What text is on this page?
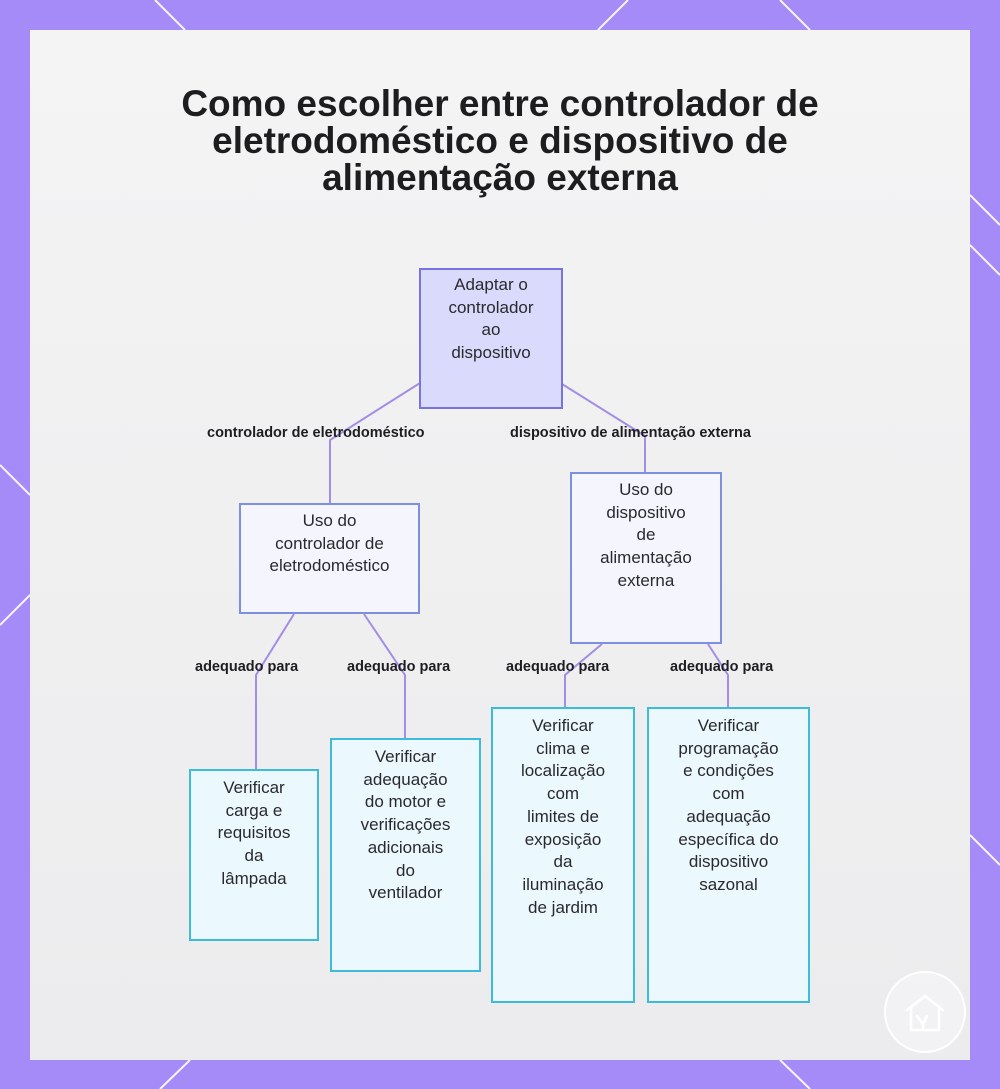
Como escolher entre controlador de
eletrodoméstico e dispositivo de
alimentação externa
Adaptar o
controlador
ao
dispositivo
controlador de eletrodoméstico	dispositivo de alimentação externa
Uso do
controlador de
eletrodoméstico
Uso do
dispositivo
de
alimentação
externa
adequado para	adequado para	adequado para	adequado para
Verificar
carga e
requisitos
da
lâmpada
Verificar
adequação
do motor e
verificações
adicionais
do
ventilador
Verificar
clima e
localização
com
limites de
exposição
da
iluminação
de jardim
Verificar
programação
e condições
com
adequação
específica do
dispositivo
sazonal
